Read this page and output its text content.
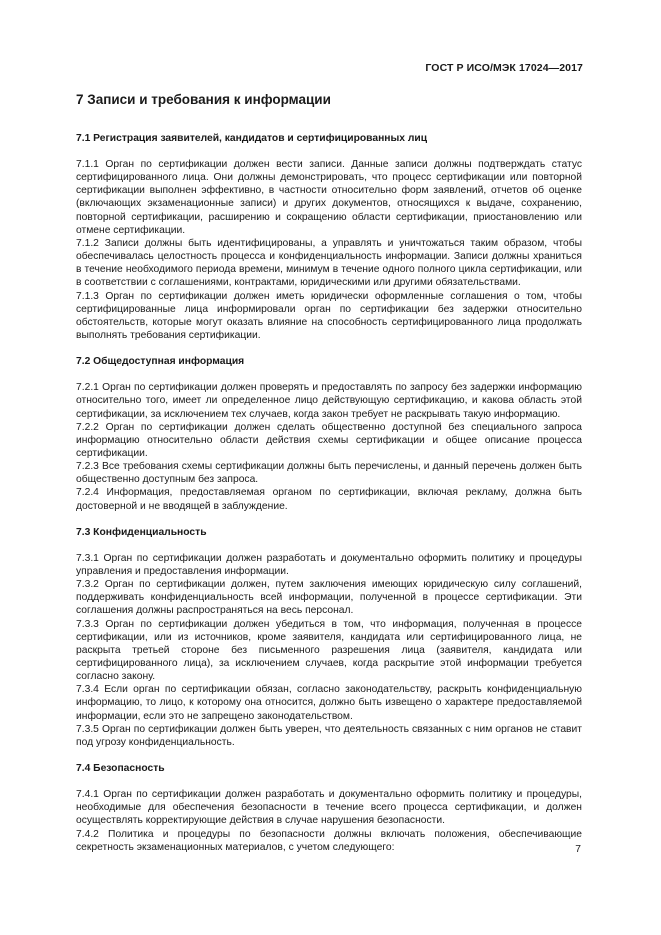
ГОСТ Р ИСО/МЭК 17024—2017
7 Записи и требования к информации
7.1 Регистрация заявителей, кандидатов и сертифицированных лиц

7.1.1 Орган по сертификации должен вести записи. Данные записи должны подтверждать статус сертифицированного лица. Они должны демонстрировать, что процесс сертификации или повторной сертификации выполнен эффективно, в частности относительно форм заявлений, отчетов об оценке (включающих экзаменационные записи) и других документов, относящихся к выдаче, сохранению, повторной сертификации, расширению и сокращению области сертификации, приостановлению или отмене сертификации.

7.1.2 Записи должны быть идентифицированы, а управлять и уничтожаться таким образом, чтобы обеспечивалась целостность процесса и конфиденциальность информации. Записи должны храниться в течение необходимого периода времени, минимум в течение одного полного цикла сертификации, или в соответствии с соглашениями, контрактами, юридическими или другими обязательствами.

7.1.3 Орган по сертификации должен иметь юридически оформленные соглашения о том, чтобы сертифицированные лица информировали орган по сертификации без задержки относительно обстоятельств, которые могут оказать влияние на способность сертифицированного лица продолжать выполнять требования сертификации.

7.2 Общедоступная информация

7.2.1 Орган по сертификации должен проверять и предоставлять по запросу без задержки информацию относительно того, имеет ли определенное лицо действующую сертификацию, и какова область этой сертификации, за исключением тех случаев, когда закон требует не раскрывать такую информацию.

7.2.2 Орган по сертификации должен сделать общественно доступной без специального запроса информацию относительно области действия схемы сертификации и общее описание процесса сертификации.

7.2.3 Все требования схемы сертификации должны быть перечислены, и данный перечень должен быть общественно доступным без запроса.

7.2.4 Информация, предоставляемая органом по сертификации, включая рекламу, должна быть достоверной и не вводящей в заблуждение.

7.3 Конфиденциальность

7.3.1 Орган по сертификации должен разработать и документально оформить политику и процедуры управления и предоставления информации.

7.3.2 Орган по сертификации должен, путем заключения имеющих юридическую силу соглашений, поддерживать конфиденциальность всей информации, полученной в процессе сертификации. Эти соглашения должны распространяться на весь персонал.

7.3.3 Орган по сертификации должен убедиться в том, что информация, полученная в процессе сертификации, или из источников, кроме заявителя, кандидата или сертифицированного лица, не раскрыта третьей стороне без письменного разрешения лица (заявителя, кандидата или сертифицированного лица), за исключением случаев, когда раскрытие этой информации требуется согласно закону.

7.3.4 Если орган по сертификации обязан, согласно законодательству, раскрыть конфиденциальную информацию, то лицо, к которому она относится, должно быть извещено о характере предоставляемой информации, если это не запрещено законодательством.

7.3.5 Орган по сертификации должен быть уверен, что деятельность связанных с ним органов не ставит под угрозу конфиденциальность.

7.4 Безопасность

7.4.1 Орган по сертификации должен разработать и документально оформить политику и процедуры, необходимые для обеспечения безопасности в течение всего процесса сертификации, и должен осуществлять корректирующие действия в случае нарушения безопасности.

7.4.2 Политика и процедуры по безопасности должны включать положения, обеспечивающие секретность экзаменационных материалов, с учетом следующего:	7
